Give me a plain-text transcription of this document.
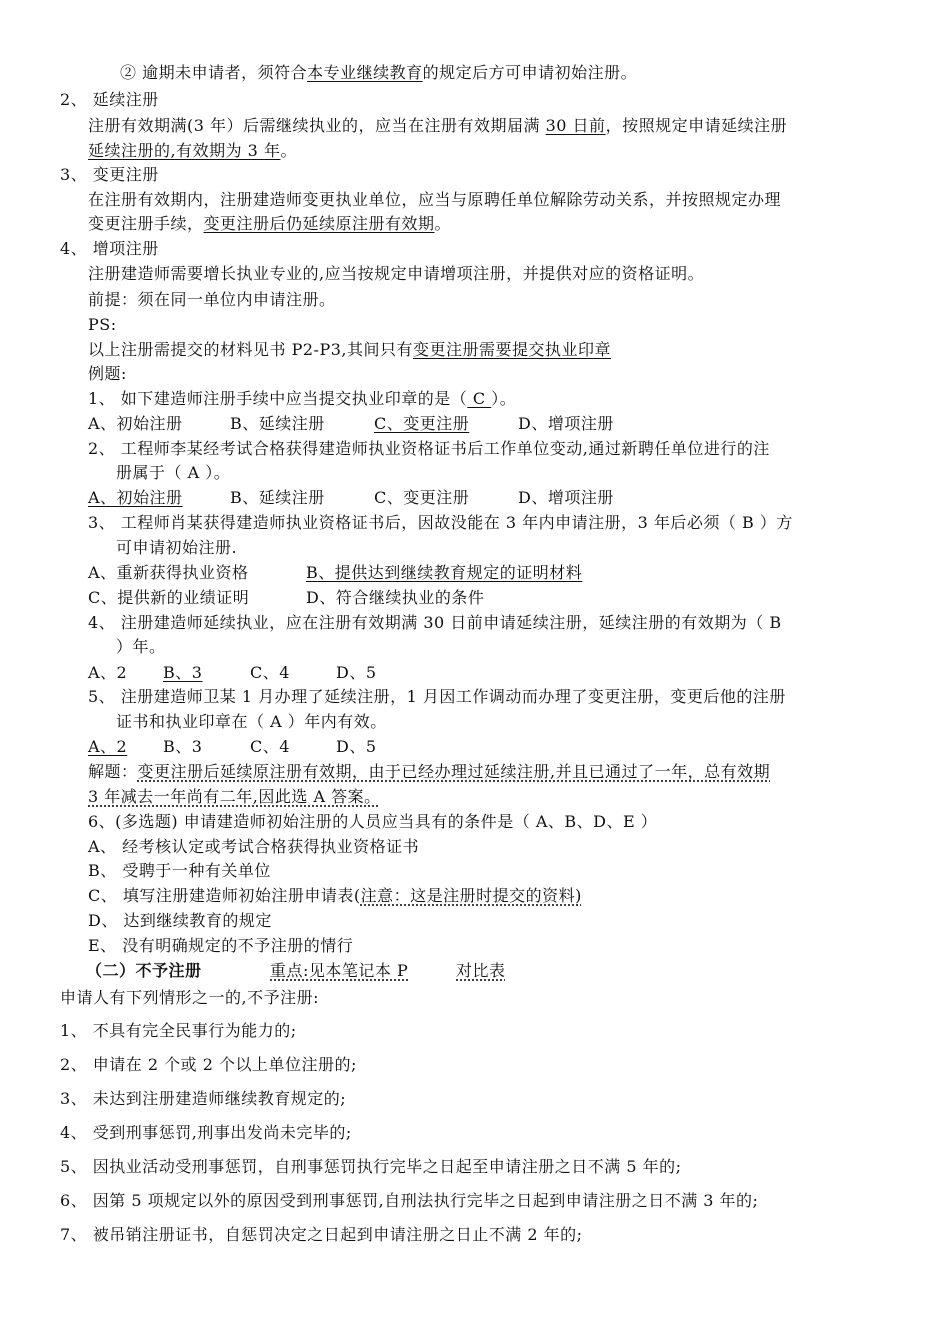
② 逾期未申请者，须符合本专业继续教育的规定后方可申请初始注册。
2、 延续注册
注册有效期满(3 年）后需继续执业的，应当在注册有效期届满 30 日前，按照规定申请延续注册
延续注册的,有效期为 3 年。
3、 变更注册
在注册有效期内，注册建造师变更执业单位，应当与原聘任单位解除劳动关系，并按照规定办理
变更注册手续，变更注册后仍延续原注册有效期。
4、 增项注册
注册建造师需要增长执业专业的,应当按规定申请增项注册，并提供对应的资格证明。
前提：须在同一单位内申请注册。
PS:
以上注册需提交的材料见书 P2-P3,其间只有变更注册需要提交执业印章
例题:
1、 如下建造师注册手续中应当提交执业印章的是（ C ）。
A、初始注册	B、延续注册	C、变更注册	D、增项注册
2、 工程师李某经考试合格获得建造师执业资格证书后工作单位变动,通过新聘任单位进行的注
册属于（ A ）。
A、初始注册	B、延续注册	C、变更注册	D、增项注册
3、 工程师肖某获得建造师执业资格证书后，因故没能在 3 年内申请注册，3 年后必须（ B ）方
可申请初始注册.
A、重新获得执业资格	B、提供达到继续教育规定的证明材料
C、提供新的业绩证明	D、符合继续执业的条件
4、 注册建造师延续执业，应在注册有效期满 30 日前申请延续注册，延续注册的有效期为（ B
）年。
A、2 B、3	C、4	D、5
5、 注册建造师卫某 1 月办理了延续注册，1 月因工作调动而办理了变更注册，变更后他的注册
证书和执业印章在（ A ）年内有效。
A、2 B、3	C、4	D、5
解题：变更注册后延续原注册有效期，由于已经办理过延续注册,并且已通过了一年，总有效期
3 年减去一年尚有二年,因此选 A 答案。
6、(多选题) 申请建造师初始注册的人员应当具有的条件是（ A、B、D、E ）
A、 经考核认定或考试合格获得执业资格证书
B、 受聘于一种有关单位
C、 填写注册建造师初始注册申请表(注意：这是注册时提交的资料)
D、 达到继续教育的规定
E、 没有明确规定的不予注册的情行
（二）不予注册	重点:见本笔记本 P	对比表
申请人有下列情形之一的,不予注册:
1、 不具有完全民事行为能力的;
2、 申请在 2 个或 2 个以上单位注册的;
3、 未达到注册建造师继续教育规定的;
4、 受到刑事惩罚,刑事出发尚未完毕的;
5、 因执业活动受刑事惩罚，自刑事惩罚执行完毕之日起至申请注册之日不满 5 年的;
6、 因第 5 项规定以外的原因受到刑事惩罚,自刑法执行完毕之日起到申请注册之日不满 3 年的;
7、 被吊销注册证书，自惩罚决定之日起到申请注册之日止不满 2 年的;
